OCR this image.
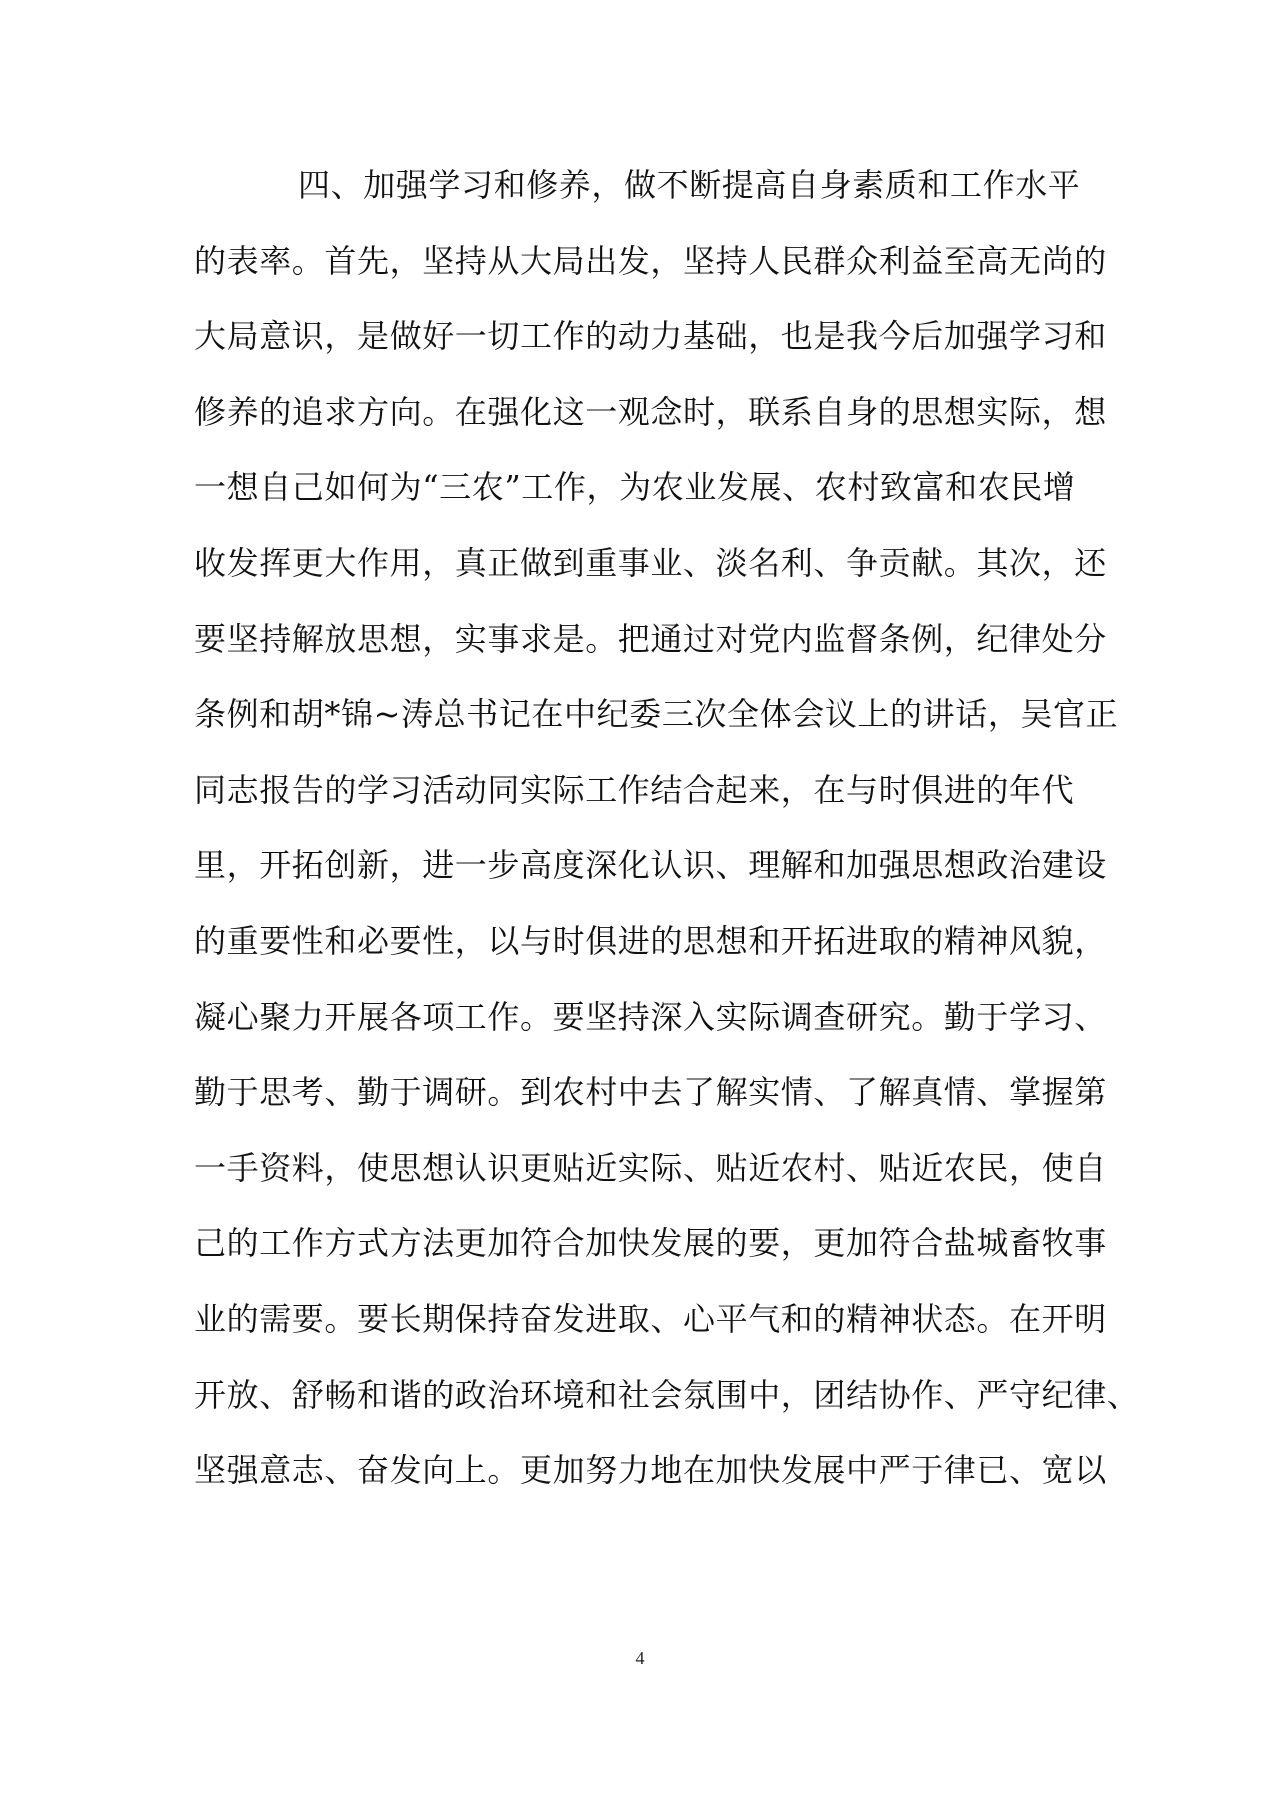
四、加强学习和修养，做不断提高自身素质和工作水平
的表率。首先，坚持从大局出发，坚持人民群众利益至高无尚的
大局意识，是做好一切工作的动力基础，也是我今后加强学习和
修养的追求方向。在强化这一观念时，联系自身的思想实际，想
一想自己如何为“三农”工作，为农业发展、农村致富和农民增
收发挥更大作用，真正做到重事业、淡名利、争贡献。其次，还
要坚持解放思想，实事求是。把通过对党内监督条例，纪律处分
条例和胡*锦~涛总书记在中纪委三次全体会议上的讲话，吴官正
同志报告的学习活动同实际工作结合起来，在与时俱进的年代
里，开拓创新，进一步高度深化认识、理解和加强思想政治建设
的重要性和必要性，以与时俱进的思想和开拓进取的精神风貌，
凝心聚力开展各项工作。要坚持深入实际调查研究。勤于学习、
勤于思考、勤于调研。到农村中去了解实情、了解真情、掌握第
一手资料，使思想认识更贴近实际、贴近农村、贴近农民，使自
己的工作方式方法更加符合加快发展的要，更加符合盐城畜牧事
业的需要。要长期保持奋发进取、心平气和的精神状态。在开明
开放、舒畅和谐的政治环境和社会氛围中，团结协作、严守纪律、
坚强意志、奋发向上。更加努力地在加快发展中严于律已、宽以
4
